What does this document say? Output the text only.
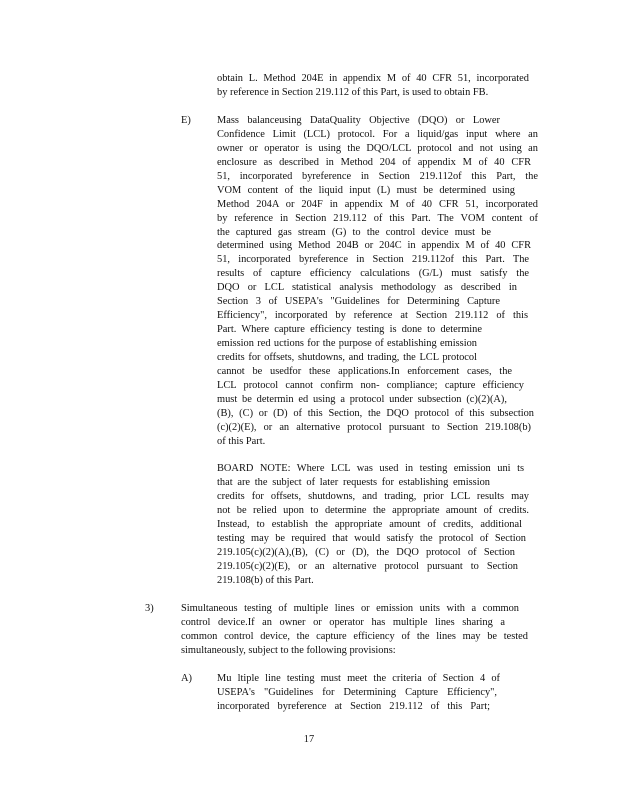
obtain L. Method 204E in appendix M of 40 CFR 51, incorporated
by reference in Section 219.112 of this Part, is used to obtain FB.
E)	Mass balanceusing DataQuality Objective (DQO) or Lower
Confidence Limit (LCL) protocol. For a liquid/gas input where an
owner or operator is using the DQO/LCL protocol and not using an
enclosure as described in Method 204 of appendix M of 40 CFR
51, incorporated byreference in Section 219.112of this Part, the
VOM content of the liquid input (L) must be determined using
Method 204A or 204F in appendix M of 40 CFR 51, incorporated
by reference in Section 219.112 of this Part. The VOM content of
the captured gas stream (G) to the control device must be
determined using Method 204B or 204C in appendix M of 40 CFR
51, incorporated byreference in Section 219.112of this Part. The
results of capture efficiency calculations (G/L) must satisfy the
DQO or LCL statistical analysis methodology as described in
Section 3 of USEPA's "Guidelines for Determining Capture
Efficiency", incorporated by reference at Section 219.112 of this
Part. Where capture efficiency testing is done to determine
emission red uctions for the purpose of establishing emission
credits for offsets, shutdowns, and trading, the LCL protocol
cannot be usedfor these applications.In enforcement cases, the
LCL protocol cannot confirm non- compliance; capture efficiency
must be determin ed using a protocol under subsection (c)(2)(A),
(B), (C) or (D) of this Section, the DQO protocol of this subsection
(c)(2)(E), or an alternative protocol pursuant to Section 219.108(b)
of this Part.
BOARD NOTE: Where LCL was used in testing emission uni ts
that are the subject of later requests for establishing emission
credits for offsets, shutdowns, and trading, prior LCL results may
not be relied upon to determine the appropriate amount of credits.
Instead, to establish the appropriate amount of credits, additional
testing may be required that would satisfy the protocol of Section
219.105(c)(2)(A),(B), (C) or (D), the DQO protocol of Section
219.105(c)(2)(E), or an alternative protocol pursuant to Section
219.108(b) of this Part.
3)	Simultaneous testing of multiple lines or emission units with a common
control device.If an owner or operator has multiple lines sharing a
common control device, the capture efficiency of the lines may be tested
simultaneously, subject to the following provisions:
A) Mu ltiple line testing must meet the criteria of Section 4 of
USEPA's "Guidelines for Determining Capture Efficiency",
incorporated byreference at Section 219.112 of this Part;
17
